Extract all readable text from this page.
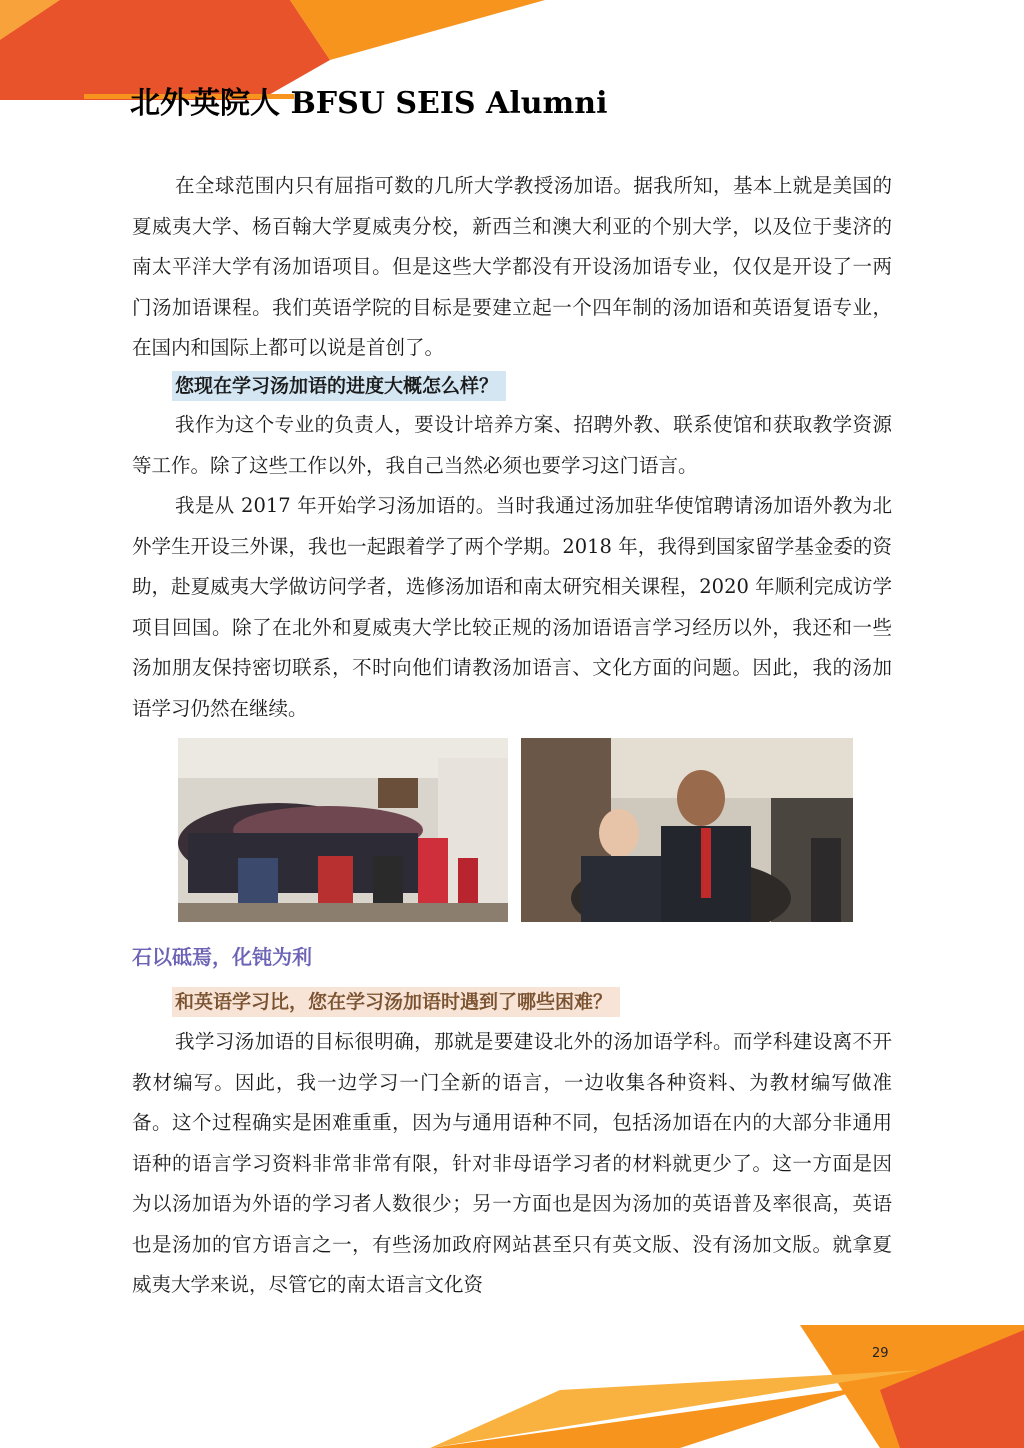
北外英院人 BFSU SEIS Alumni

在全球范围内只有屈指可数的几所大学教授汤加语。据我所知，基本上就是美国的夏威夷大学、杨百翰大学夏威夷分校，新西兰和澳大利亚的个别大学，以及位于斐济的南太平洋大学有汤加语项目。但是这些大学都没有开设汤加语专业，仅仅是开设了一两门汤加语课程。我们英语学院的目标是要建立起一个四年制的汤加语和英语复语专业，在国内和国际上都可以说是首创了。

您现在学习汤加语的进度大概怎么样？

我作为这个专业的负责人，要设计培养方案、招聘外教、联系使馆和获取教学资源等工作。除了这些工作以外，我自己当然必须也要学习这门语言。

我是从 2017 年开始学习汤加语的。当时我通过汤加驻华使馆聘请汤加语外教为北外学生开设三外课，我也一起跟着学了两个学期。2018 年，我得到国家留学基金委的资助，赴夏威夷大学做访问学者，选修汤加语和南太研究相关课程，2020 年顺利完成访学项目回国。除了在北外和夏威夷大学比较正规的汤加语语言学习经历以外，我还和一些汤加朋友保持密切联系，不时向他们请教汤加语言、文化方面的问题。因此，我的汤加语学习仍然在继续。

石以砥焉，化钝为利
和英语学习比，您在学习汤加语时遇到了哪些困难？

我学习汤加语的目标很明确，那就是要建设北外的汤加语学科。而学科建设离不开教材编写。因此，我一边学习一门全新的语言，一边收集各种资料、为教材编写做准备。这个过程确实是困难重重，因为与通用语种不同，包括汤加语在内的大部分非通用语种的语言学习资料非常非常有限，针对非母语学习者的材料就更少了。这一方面是因为以汤加语为外语的学习者人数很少；另一方面也是因为汤加的英语普及率很高，英语也是汤加的官方语言之一，有些汤加政府网站甚至只有英文版、没有汤加文版。就拿夏威夷大学来说，尽管它的南太语言文化资

29
